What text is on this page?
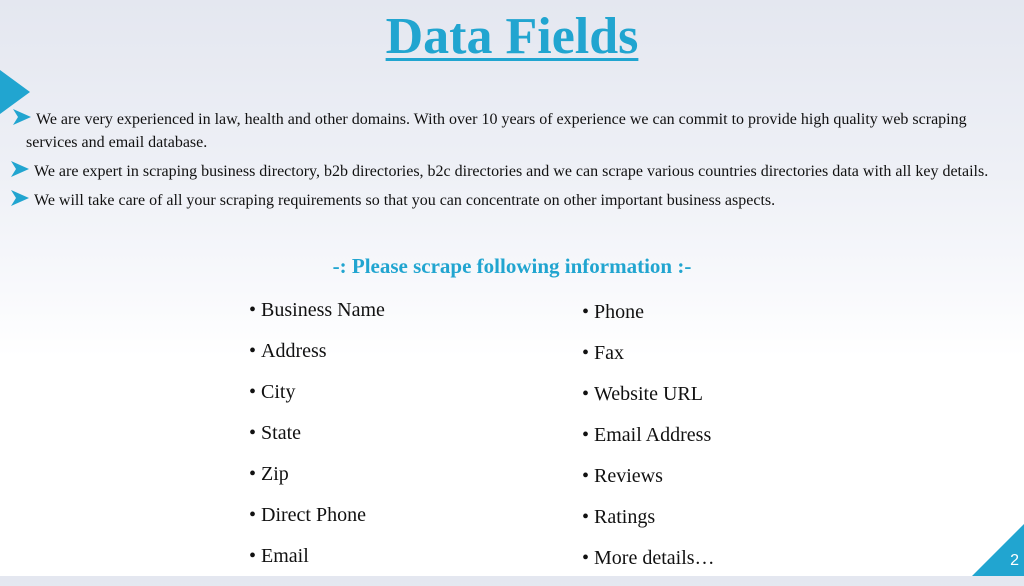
Data Fields

We are very experienced in law, health and other domains. With over 10 years of experience we can commit to provide high quality web scraping services and email database.

We are expert in scraping business directory, b2b directories, b2c directories and we can scrape various countries directories data with all key details.

We will take care of all your scraping requirements so that you can concentrate on other important business aspects.

-: Please scrape following information :-
• Business Name
• Address
• City
• State
• Zip
• Direct Phone
• Email
• Phone
• Fax
• Website URL
• Email Address
• Reviews
• Ratings
• More details…	2
